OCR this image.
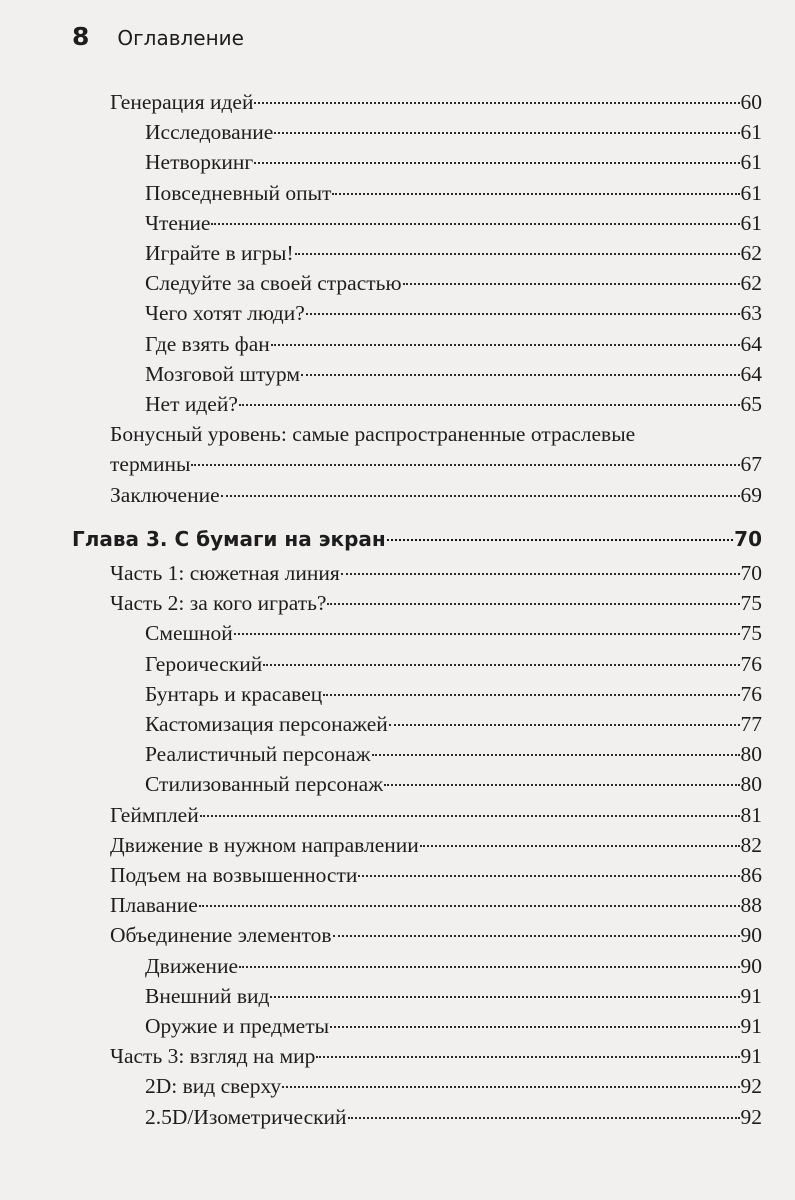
8 Оглавление
Генерация идей	60
Исследование	61
Нетворкинг	61
Повседневный опыт	61
Чтение	61
Играйте в игры!	62
Следуйте за своей страстью	62
Чего хотят люди?	63
Где взять фан	64
Мозговой штурм	64
Нет идей?	65
Бонусный уровень: самые распространенные отраслевые
термины	67
Заключение	69
Глава 3. С бумаги на экран	70
Часть 1: сюжетная линия	70
Часть 2: за кого играть?	75
Смешной	75
Героический	76
Бунтарь и красавец	76
Кастомизация персонажей	77
Реалистичный персонаж	80
Стилизованный персонаж	80
Геймплей	81
Движение в нужном направлении	82
Подъем на возвышенности	86
Плавание	88
Объединение элементов	90
Движение	90
Внешний вид	91
Оружие и предметы	91
Часть 3: взгляд на мир	91
2D: вид сверху	92
2.5D/Изометрический	92
